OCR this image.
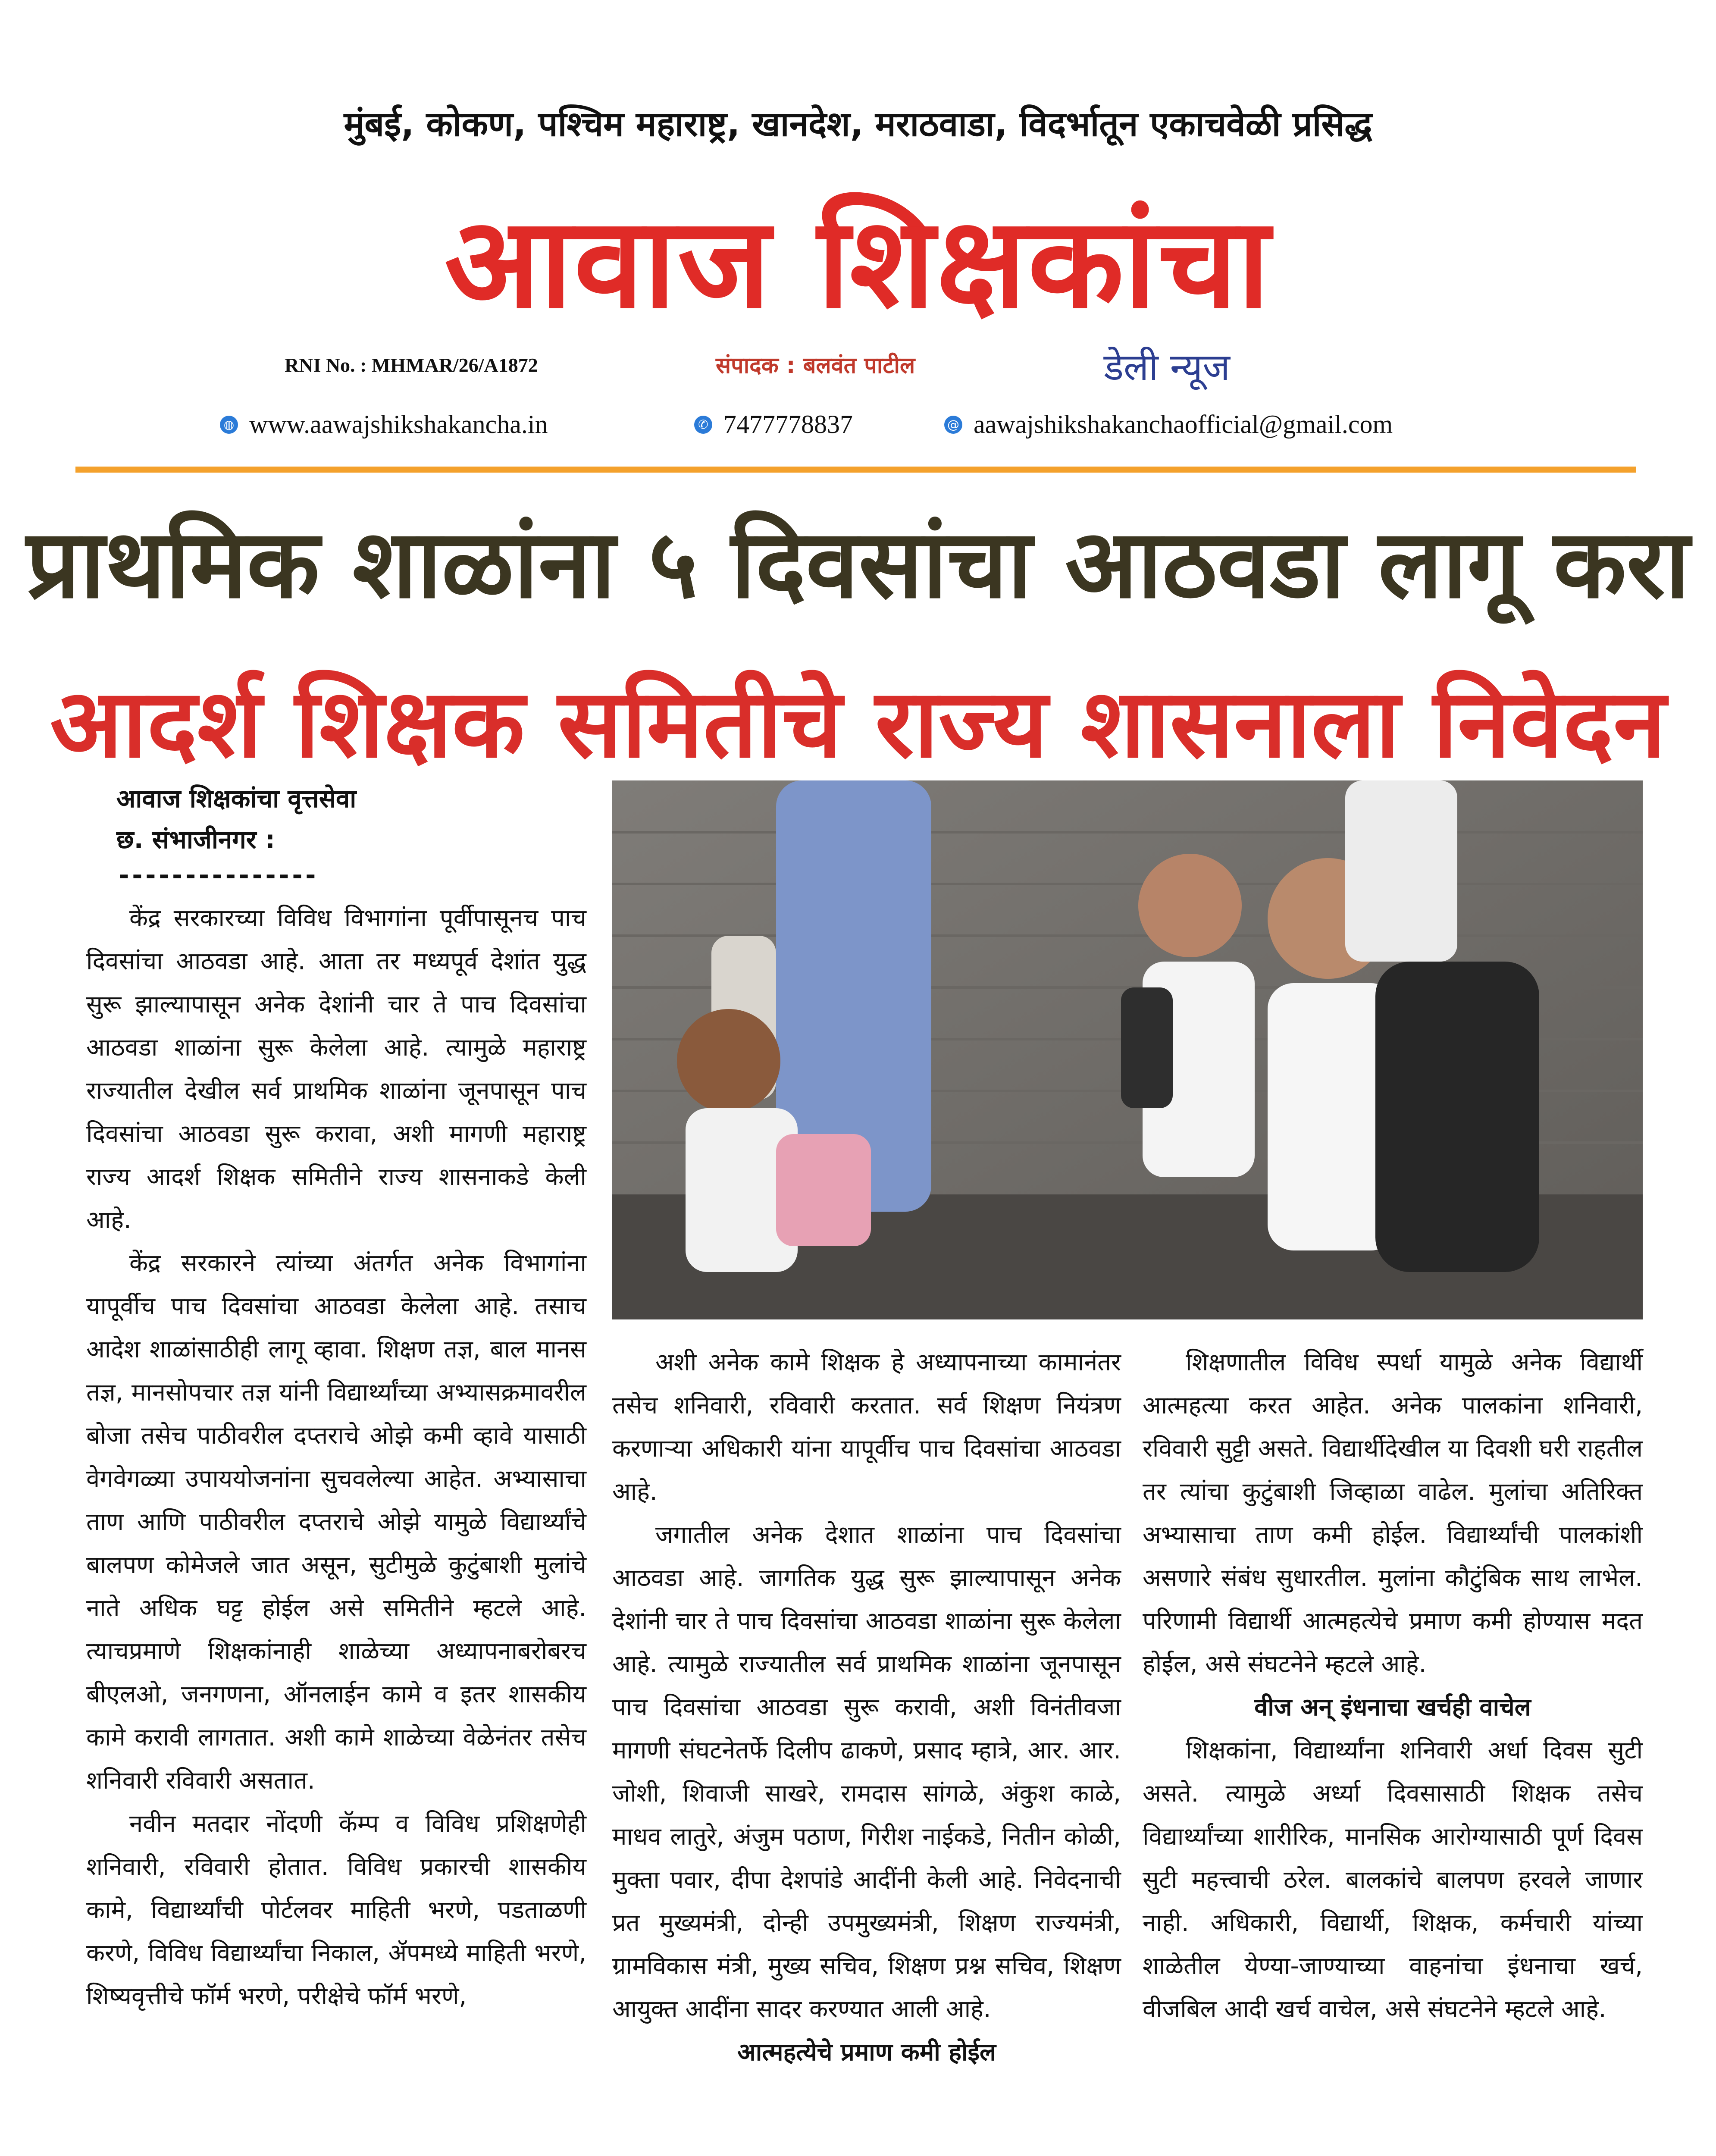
मुंबई, कोकण, पश्चिम महाराष्ट्र, खानदेश, मराठवाडा, विदर्भातून एकाचवेळी प्रसिद्ध
आवाज शिक्षकांचा
RNI No. : MHMAR/26/A1872	संपादक : बलवंत पाटील	डेली न्यूज
◍ www.aawajshikshakancha.in	✆ 7477778837	@ aawajshikshakanchaofficial@gmail.com
प्राथमिक शाळांना ५ दिवसांचा आठवडा लागू करा
आदर्श शिक्षक समितीचे राज्य शासनाला निवेदन
आवाज शिक्षकांचा वृत्तसेवा
छ. संभाजीनगर :
---------------

केंद्र सरकारच्या विविध विभागांना पूर्वीपासूनच पाच दिवसांचा आठवडा आहे. आता तर मध्यपूर्व देशांत युद्ध सुरू झाल्यापासून अनेक देशांनी चार ते पाच दिवसांचा आठवडा शाळांना सुरू केलेला आहे. त्यामुळे महाराष्ट्र राज्यातील देखील सर्व प्राथमिक शाळांना जूनपासून पाच दिवसांचा आठवडा सुरू करावा, अशी मागणी महाराष्ट्र राज्य आदर्श शिक्षक समितीने राज्य शासनाकडे केली आहे.

केंद्र सरकारने त्यांच्या अंतर्गत अनेक विभागांना यापूर्वीच पाच दिवसांचा आठवडा केलेला आहे. तसाच आदेश शाळांसाठीही लागू व्हावा. शिक्षण तज्ञ, बाल मानस तज्ञ, मानसोपचार तज्ञ यांनी विद्यार्थ्यांच्या अभ्यासक्रमावरील बोजा तसेच पाठीवरील दप्तराचे ओझे कमी व्हावे यासाठी वेगवेगळ्या उपाययोजनांना सुचवलेल्या आहेत. अभ्यासाचा ताण आणि पाठीवरील दप्तराचे ओझे यामुळे विद्यार्थ्यांचे बालपण कोमेजले जात असून, सुटीमुळे कुटुंबाशी मुलांचे नाते अधिक घट्ट होईल असे समितीने म्हटले आहे. त्याचप्रमाणे शिक्षकांनाही शाळेच्या अध्यापनाबरोबरच बीएलओ, जनगणना, ऑनलाईन कामे व इतर शासकीय कामे करावी लागतात. अशी कामे शाळेच्या वेळेनंतर तसेच शनिवारी रविवारी असतात.

नवीन मतदार नोंदणी कॅम्प व विविध प्रशिक्षणेही शनिवारी, रविवारी होतात. विविध प्रकारची शासकीय कामे, विद्यार्थ्यांची पोर्टलवर माहिती भरणे, पडताळणी करणे, विविध विद्यार्थ्यांचा निकाल, ॲपमध्ये माहिती भरणे, शिष्यवृत्तीचे फॉर्म भरणे, परीक्षेचे फॉर्म भरणे,

अशी अनेक कामे शिक्षक हे अध्यापनाच्या कामानंतर तसेच शनिवारी, रविवारी करतात. सर्व शिक्षण नियंत्रण करणाऱ्या अधिकारी यांना यापूर्वीच पाच दिवसांचा आठवडा आहे.

जगातील अनेक देशात शाळांना पाच दिवसांचा आठवडा आहे. जागतिक युद्ध सुरू झाल्यापासून अनेक देशांनी चार ते पाच दिवसांचा आठवडा शाळांना सुरू केलेला आहे. त्यामुळे राज्यातील सर्व प्राथमिक शाळांना जूनपासून पाच दिवसांचा आठवडा सुरू करावी, अशी विनंतीवजा मागणी संघटनेतर्फे दिलीप ढाकणे, प्रसाद म्हात्रे, आर. आर. जोशी, शिवाजी साखरे, रामदास सांगळे, अंकुश काळे, माधव लातुरे, अंजुम पठाण, गिरीश नाईकडे, नितीन कोळी, मुक्ता पवार, दीपा देशपांडे आदींनी केली आहे. निवेदनाची प्रत मुख्यमंत्री, दोन्ही उपमुख्यमंत्री, शिक्षण राज्यमंत्री, ग्रामविकास मंत्री, मुख्य सचिव, शिक्षण प्रश्न सचिव, शिक्षण आयुक्त आदींना सादर करण्यात आली आहे.

आत्महत्येचे प्रमाण कमी होईल

शिक्षणातील विविध स्पर्धा यामुळे अनेक विद्यार्थी आत्महत्या करत आहेत. अनेक पालकांना शनिवारी, रविवारी सुट्टी असते. विद्यार्थीदेखील या दिवशी घरी राहतील तर त्यांचा कुटुंबाशी जिव्हाळा वाढेल. मुलांचा अतिरिक्त अभ्यासाचा ताण कमी होईल. विद्यार्थ्यांची पालकांशी असणारे संबंध सुधारतील. मुलांना कौटुंबिक साथ लाभेल. परिणामी विद्यार्थी आत्महत्येचे प्रमाण कमी होण्यास मदत होईल, असे संघटनेने म्हटले आहे.

वीज अन् इंधनाचा खर्चही वाचेल

शिक्षकांना, विद्यार्थ्यांना शनिवारी अर्धा दिवस सुटी असते. त्यामुळे अर्ध्या दिवसासाठी शिक्षक तसेच विद्यार्थ्यांच्या शारीरिक, मानसिक आरोग्यासाठी पूर्ण दिवस सुटी महत्त्वाची ठरेल. बालकांचे बालपण हरवले जाणार नाही. अधिकारी, विद्यार्थी, शिक्षक, कर्मचारी यांच्या शाळेतील येण्या-जाण्याच्या वाहनांचा इंधनाचा खर्च, वीजबिल आदी खर्च वाचेल, असे संघटनेने म्हटले आहे.
